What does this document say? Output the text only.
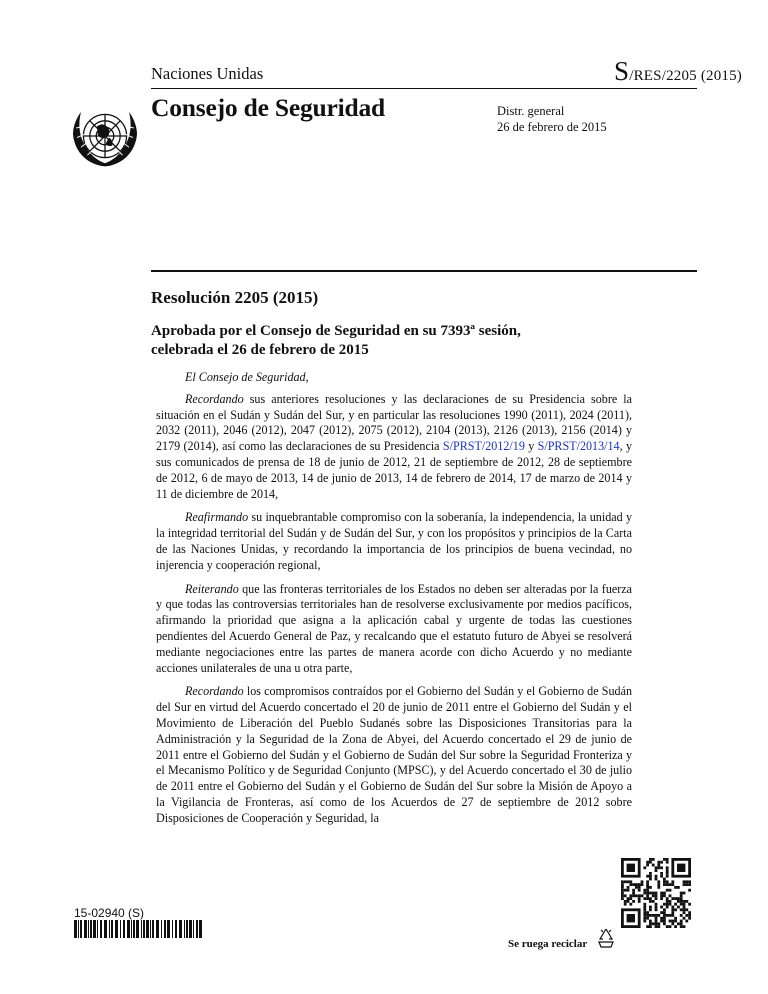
Naciones Unidas	S/RES/2205 (2015)
Consejo de Seguridad	Distr. general
26 de febrero de 2015
Resolución 2205 (2015)
Aprobada por el Consejo de Seguridad en su 7393ª sesión,
celebrada el 26 de febrero de 2015

El Consejo de Seguridad,

Recordando sus anteriores resoluciones y las declaraciones de su Presidencia sobre la situación en el Sudán y Sudán del Sur, y en particular las resoluciones 1990 (2011), 2024 (2011), 2032 (2011), 2046 (2012), 2047 (2012), 2075 (2012), 2104 (2013), 2126 (2013), 2156 (2014) y 2179 (2014), así como las declaraciones de su Presidencia S/PRST/2012/19 y S/PRST/2013/14, y sus comunicados de prensa de 18 de junio de 2012, 21 de septiembre de 2012, 28 de septiembre de 2012, 6 de mayo de 2013, 14 de junio de 2013, 14 de febrero de 2014, 17 de marzo de 2014 y 11 de diciembre de 2014,

Reafirmando su inquebrantable compromiso con la soberanía, la independencia, la unidad y la integridad territorial del Sudán y de Sudán del Sur, y con los propósitos y principios de la Carta de las Naciones Unidas, y recordando la importancia de los principios de buena vecindad, no injerencia y cooperación regional,

Reiterando que las fronteras territoriales de los Estados no deben ser alteradas por la fuerza y que todas las controversias territoriales han de resolverse exclusivamente por medios pacíficos, afirmando la prioridad que asigna a la aplicación cabal y urgente de todas las cuestiones pendientes del Acuerdo General de Paz, y recalcando que el estatuto futuro de Abyei se resolverá mediante negociaciones entre las partes de manera acorde con dicho Acuerdo y no mediante acciones unilaterales de una u otra parte,

Recordando los compromisos contraídos por el Gobierno del Sudán y el Gobierno de Sudán del Sur en virtud del Acuerdo concertado el 20 de junio de 2011 entre el Gobierno del Sudán y el Movimiento de Liberación del Pueblo Sudanés sobre las Disposiciones Transitorias para la Administración y la Seguridad de la Zona de Abyei, del Acuerdo concertado el 29 de junio de 2011 entre el Gobierno del Sudán y el Gobierno de Sudán del Sur sobre la Seguridad Fronteriza y el Mecanismo Político y de Seguridad Conjunto (MPSC), y del Acuerdo concertado el 30 de julio de 2011 entre el Gobierno del Sudán y el Gobierno de Sudán del Sur sobre la Misión de Apoyo a la Vigilancia de Fronteras, así como de los Acuerdos de 27 de septiembre de 2012 sobre Disposiciones de Cooperación y Seguridad, la

15-02940 (S)
Se ruega reciclar
